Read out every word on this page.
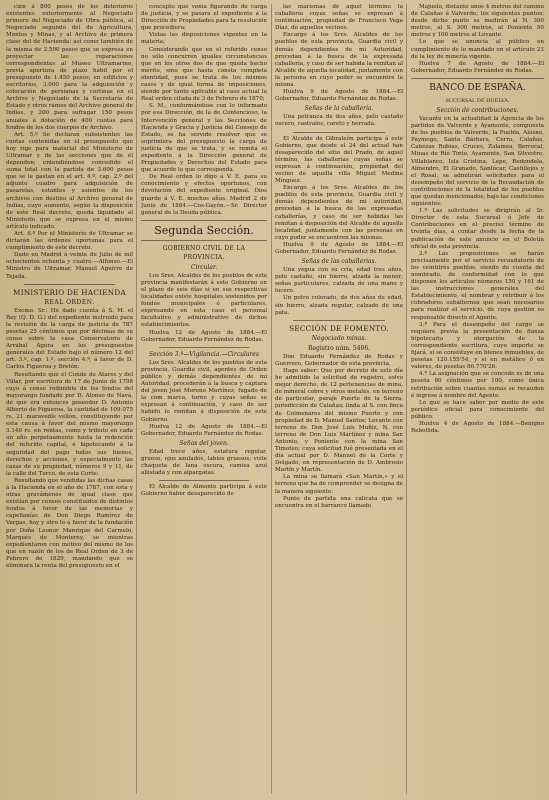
cién á 800 pesos de los deterioros existentes exteriormente al Negociado primero del Negociado de Obra pública, al Negociado segundo del de Agricultura, Montes y Minas, y al Archivo de primera clase del de Hacienda; así como también de la misma de 2.500 pesos que se expresa en proyectar las reparaciones correspondientes al Museo Ultramarino, previa apertura de plazo hábil por el presupuesto de 1.450 pesos, en edificios y escritorios, 3.000 para la adquisición y colocación de persianas y cortinas en el Archivo y Negociado de la Secretaría de Estado y otros ramos del Archivo general de Indias, y 200 para sufragar 150 pesos anuales á dotación de 400 cuotas para fondos de los dos cuerpos de Archivo.

Art. 5.º Se declaran subsistentes las cuotas contenidas en el presupuesto que hoy rige para material del Ministerio de Ultramar y de las secciones que de él dependen; entendiéndose concedido el suma total con la partida de 3.600 pesos que se le gastan en el art. 4.º, cap. 2.º del adjunto cuadro para adquisición de pasarelas, estantes y asientos de los archivos con destino al Archivo general de Indias, cuyo aumento, según la disposición de este Real decreto, queda liquidado al Ministerio que se expresa en el mismo artículo indicado.

Art. 6.º Por el Ministerio de Ultramar se dictarán las órdenes oportunas para el cumplimiento de este decreto.

Dado en Madrid á veinte de Julio de mil ochocientos ochenta y cuatro.—Alfonso.—El Ministro de Ultramar, Manuel Aguirre de Tejada.

MINISTERIO DE HACIENDA
REAL ORDEN.

Excmo. Sr.: He dado cuenta á S. M. el Rey (Q. D. G.) del expediente instruido para la revisión de la carga de justicia de 787 pesetas 25 céntimos que por décimas de su censo sobre la casa Conservatorio de Arrabal Ágora en los presupuestos generales del Estado bajo el número 12 del art. 3.º, cap. 1.º, sección 4.ª, á favor de D. Carlos Figueroa y Bretón:

Resultando que el Conde de Atares y del Villar, por escritura de 17 de Junio de 1798 cuyo á censo redimible de los fondos del mayorazgo fundado por D. Alonso de Nava, de que era entonces poseedor D. Antonio Alberto de Figueroa, la cantidad de 109.075 rs. 21 maravedís vellón, constituyendo por esta causa á favor del mismo mayorazgo 3.140 rs. en rentas, como y tributo en cada un año perpetuamente hasta la redención del referido capital, é hipotecando á la seguridad del pago todos sus bienes, derechos y acciones, y especialmente las casas de su propiedad, números 9 y 11, de la calle del Turco, de esta Corte:

Resultando que vendidas las dichas casas á la Hacienda en el año de 1787, con esta y otras gravámenes de igual clase que existían por censos constituidos de distintos fondos á favor de las memorias y capellanías de Don Diego Ramírez de Vargas, hoy y otro lo á favor de la fundación por Doña Leonor Manrique del Carmelo, Marqués de Monterey, se mientras expedientaron con motivo del mismo de los que en razón de los de Real Orden de 3 de Febrero de 1829, mandando que se eliminara la renta del presupuesto en el

concepto que venía figurando de carga de justicia, y se pasara el expediente á la Dirección de Propiedades para la resolución que procediera;

Vistas las disposiciones vigentes en la materia;

Considerando que en el referido censo no sólo concurren iguales circunstancias que en los otros dos de que queda hecho mérito, sino que hasta consta completa identidad, pues se trata de los mismos casos y de igual forma de imposiciones, siendo por tanto aplicable al caso actual la Real orden citada de 3 de Febrero de 1870;

S. M., conformándose con lo informado por esa Dirección, de la de Contencioso, la Intervención general y las Secciones de Hacienda y Gracia y Justicia del Consejo de Estado, se ha servido resolver que se suprimiera del presupuesto la carga de justicia de que se trata, y se remita el expediente á la Dirección general de Propiedades y Derechos del Estado para que acuerde lo que corresponda.

De Real orden lo digo á V. E. para su conocimiento y efectos oportunos, con devolución del expediente original. Dios guarde á V. E. muchos años. Madrid 2 de Junio de 1884.—Cos-Gayón.—Sr. Director general de la Deuda pública.

Segunda Sección.
GOBIERNO CIVIL DE LA PROVINCIA.
Circular.

Los Sres. Alcaldes de los pueblos de esta provincia manifestarán á este Gobierno en el plazo de seis días si en sus respectivas localidades existe hospitales sostenidos por fondos municipales ó particulares, expresando en esta caso el personal facultativo y administrativo de dichos establecimientos.

Huelva 12 de Agosto de 1884.—El Gobernador, Eduardo Fernández de Rodas.

Sección 3.ª—Vigilancia.—Circulares

Los Sres. Alcaldes de los pueblos de esta provincia, Guardia civil, agentes de Orden público y demás dependientes de mi Autoridad, procederán á la busca y captura del joven José Moreno Martínez, fugado de la com marca, torno y cuyas señas se expresan á continuación, y caso de ser habido lo remitan á disposición de este Gobierno.

Huelva 12 de Agosto de 1884.—El Gobernador, Eduardo Fernández de Rodas.

Señas del joven.

Edad trece años, estatura regular, grueso, ojos azulados, labios gruesos; viste chaqueta de lana oscura, camisa azul allistada y con alpargatas.

El Alcalde de Almonte participa á este Gobierno haber desaparecido de

las marismas de aquel término la caballería cuyas señas se expresan á continuación, propiedad de Francisco Vega Díaz, de aquellos vecinos.

Encargo á los Sres. Alcaldes de los pueblos de esta provincia, Guardia civil y demás dependientes de mi Autoridad, procedan á la busca de la expresada caballería, y caso de ser habida la remitan al Alcalde de aquella localidad, juntamente con la persona en cuyo poder se encuentre la misma.

Huelva 9 de Agosto de 1884.—El Gobernador, Eduardo Fernández de Rodas.

Señas de la caballería.

Una potranca de dos años, pelo castaño oscuro, castrales, careto y herrada.

El Alcalde de Gibraleón participa á este Gobierno, que desde el 24 del actual han desaparecido del sitio del Prado, de aquel término, las caballerías cuyas señas se expresan á continuación, propiedad del vecino de aquella villa Miguel Medina Mínguez.

Encargo á los Sres. Alcaldes de los pueblos de esta provincia, Guardia civil y demás dependientes de mi autoridad, procedan á la busca de las expresadas caballerías, y caso de ser habidas las remitan á disposición del Alcalde de aquella localidad, juntamente con las personas en cuyo poder se encuentren las mismas.

Huelva 9 de Agosto de 1884.—El Gobernador, Eduardo Fernández de Rodas.

Señas de las caballerías.

Una yegua con su cría, edad tres años, pelo castaño, sin hierro, alzada la menor; señas particulares, calzada de una mano y lucero.

Un potro colorado, de dos años de edad, sin hierro, alzada regular, calzado de una pata.

SECCIÓN DE FOMENTO.
Negociado minas.
Registro núm. 5406.

Don Eduardo Fernández de Rodas y Guerrero, Gobernador de esta provincia.

Hago saber: Que por decreto de este día he admitido la solicitud de registro, solvo mejor derecho, de 12 pertenencias de mina, de mineral cobre y otros metales, en terreno de particular, paraje Puerto de la Sierra, jurisdicción de Calañas; linda al S. con finca de Colmenares del mismo Puerto y con propiedad de D. Manuel Santos; Levante con terreno de Don José Luis Muñiz, N. con terreno de Don Luis Martínez y mina San Antonio, y Poniente con la mina San Timoteo; cuya solicitud fué presentada en el día actual por D. Manuel de la Corte y Delgado, en representación de D. Ambrosio Martín y Martín.

La mina se llamará «San Martín,» y el terreno que ha de comprender se designa de la manera siguiente:

Punto de partida una calicata que se encuentra en el barranco llamado

Majuelo, distante unos 4 metros del camino de Calañas á Valverde; los siguientes puntos: desde dicho punto se medirán al N. 300 metros, al S. 300 metros, al Poniente 50 metros y 100 metros al Levante.

Lo que se anuncia al público en cumplimiento de lo mandado en el artículo 23 de la ley de minería vigente.

Huelva 7 de Agosto de 1884.—El Gobernador, Eduardo Fernández de Rodas.

BANCO DE ESPAÑA.
SUCURSAL DE HUELVA.
Sección de contribuciones.

Vacante en la actualidad la Agencia de los partidos de Valverde y Ayamonte, compuesta de los pueblos de Valverde, la Puebla, Alosno, Paymogo, Santa Bárbara, Cerro, Calañas, Cabezas Rubias, Cruces, Zalamea, Berrocal, Minas de Río Tinto, Ayamonte, San Silvestre, Villablanco, Isla Cristina, Lepe, Redondela, Almendro, El Granado, Sanlúcar, Castillejos y el Rosal, se admitirán solicitudes para el desempeño del servicio de la Recaudación de contribuciones de la totalidad de los pueblos que quedan mencionados, bajo las condiciones siguientes:

1.ª Las solicitudes se dirigirán al Sr. Director de esta Sucursal ó Jefe de Contribuciones en el preciso término de treinta días, á contar desde la fecha de la publicación de este anuncio en el Boletín oficial de esta provincia.

2.ª Las proposiciones se harán precisamente por el servicio recaudatorio de los veintitrés pueblos, siendo de cuenta del nombrado, de conformidad con lo que disponen los artículos números 150 y 161 de las instrucciones generales del Establecimiento, el nombrar y retribuir á los cobradores subalternos que sean necesarios para realizar el servicio, de cuya gestión es responsable directo el Agente.

3.ª Para el desempeño del cargo se requiere previa la presentación de fianza hipotecaria y otorgación de la correspondiente escritura, cuyo importe se fijará, si se constituye en bienes inmuebles, de pesetas 120.155'54, y si en metálico ó en valores, de pesetas 86.770'26.

4.ª La asignación que se concede es de una peseta 80 céntimos por 100, como única retribución sobre cuantas sumas se recauden é ingrese á nombre del Agente.

Lo que se hace saber por medio de este periódico oficial para conocimiento del público.

Huelva 4 de Agosto de 1884.—Benigno Rebollida.
